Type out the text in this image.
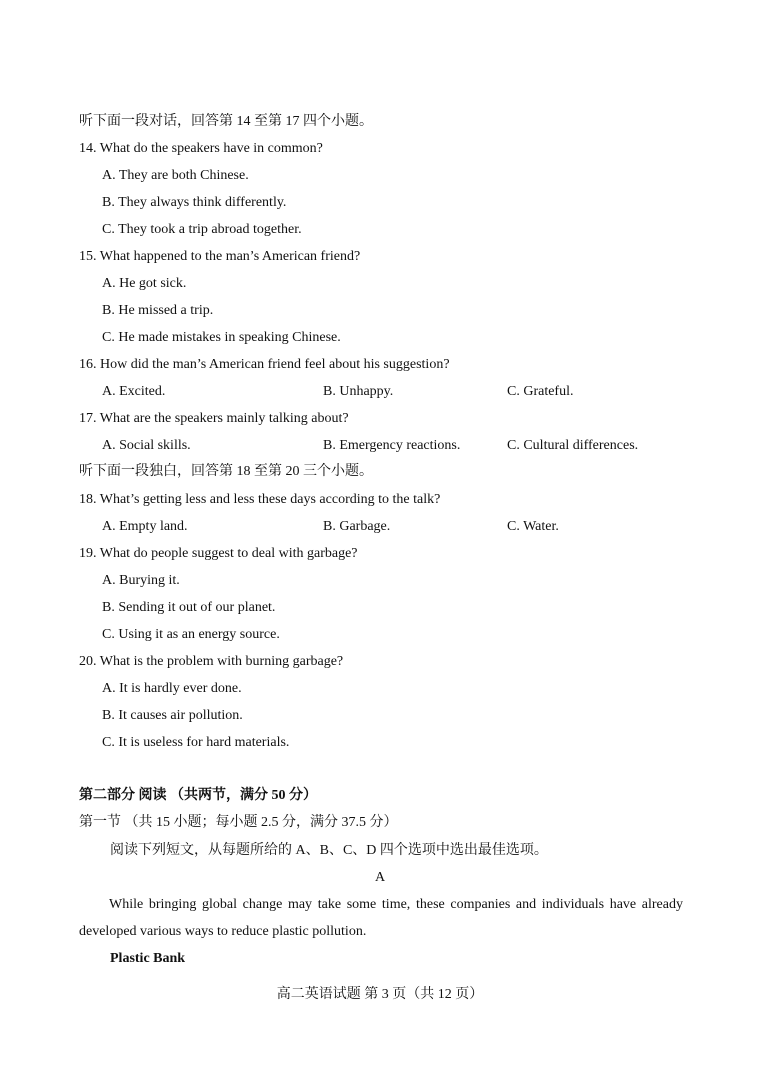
听下面一段对话，回答第 14 至第 17 四个小题。
14. What do the speakers have in common?
A. They are both Chinese.
B. They always think differently.
C. They took a trip abroad together.
15. What happened to the man’s American friend?
A. He got sick.
B. He missed a trip.
C. He made mistakes in speaking Chinese.
16. How did the man’s American friend feel about his suggestion?
A. Excited.	B. Unhappy.	C. Grateful.
17. What are the speakers mainly talking about?
A. Social skills.	B. Emergency reactions.	C. Cultural differences.
听下面一段独白，回答第 18 至第 20 三个小题。
18. What’s getting less and less these days according to the talk?
A. Empty land.	B. Garbage.	C. Water.
19. What do people suggest to deal with garbage?
A. Burying it.
B. Sending it out of our planet.
C. Using it as an energy source.
20. What is the problem with burning garbage?
A. It is hardly ever done.
B. It causes air pollution.
C. It is useless for hard materials.
第二部分 阅读 （共两节，满分 50 分）
第一节 （共 15 小题；每小题 2.5 分，满分 37.5 分）
阅读下列短文，从每题所给的 A、B、C、D 四个选项中选出最佳选项。
A
While bringing global change may take some time, these companies and individuals have already developed various ways to reduce plastic pollution.
Plastic Bank
高二英语试题 第 3 页（共 12 页）
